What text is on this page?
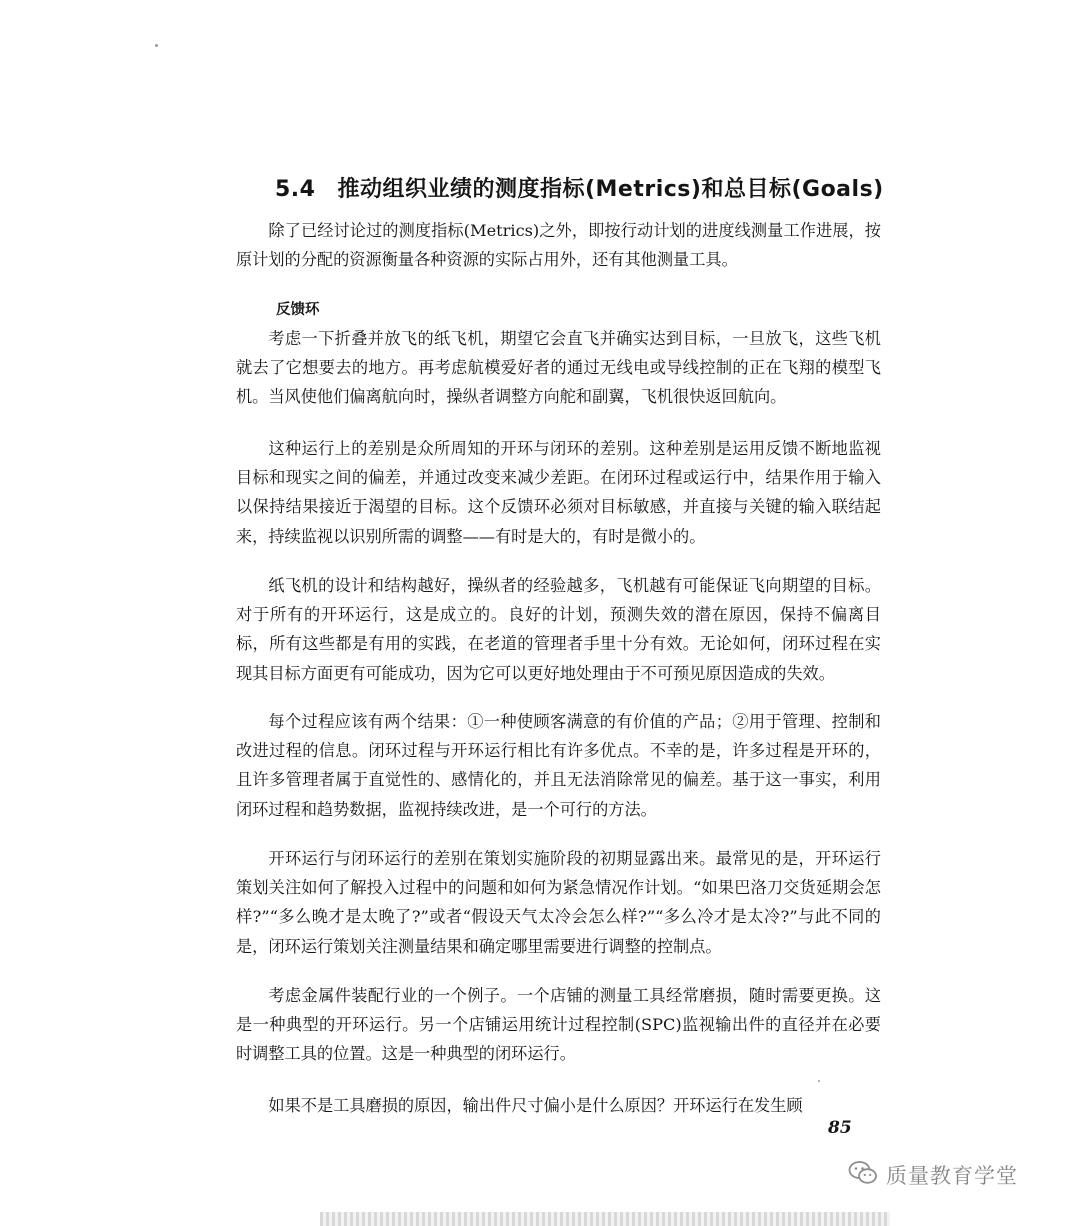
5.4 推动组织业绩的测度指标(Metrics)和总目标(Goals)

除了已经讨论过的测度指标(Metrics)之外，即按行动计划的进度线测量工作进展，按原计划的分配的资源衡量各种资源的实际占用外，还有其他测量工具。

反馈环

考虑一下折叠并放飞的纸飞机，期望它会直飞并确实达到目标，一旦放飞，这些飞机就去了它想要去的地方。再考虑航模爱好者的通过无线电或导线控制的正在飞翔的模型飞机。当风使他们偏离航向时，操纵者调整方向舵和副翼，飞机很快返回航向。

这种运行上的差别是众所周知的开环与闭环的差别。这种差别是运用反馈不断地监视目标和现实之间的偏差，并通过改变来减少差距。在闭环过程或运行中，结果作用于输入以保持结果接近于渴望的目标。这个反馈环必须对目标敏感，并直接与关键的输入联结起来，持续监视以识别所需的调整——有时是大的，有时是微小的。

纸飞机的设计和结构越好，操纵者的经验越多，飞机越有可能保证飞向期望的目标。对于所有的开环运行，这是成立的。良好的计划，预测失效的潜在原因，保持不偏离目标，所有这些都是有用的实践，在老道的管理者手里十分有效。无论如何，闭环过程在实现其目标方面更有可能成功，因为它可以更好地处理由于不可预见原因造成的失效。

每个过程应该有两个结果：①一种使顾客满意的有价值的产品；②用于管理、控制和改进过程的信息。闭环过程与开环运行相比有许多优点。不幸的是，许多过程是开环的，且许多管理者属于直觉性的、感情化的，并且无法消除常见的偏差。基于这一事实，利用闭环过程和趋势数据，监视持续改进，是一个可行的方法。

开环运行与闭环运行的差别在策划实施阶段的初期显露出来。最常见的是，开环运行策划关注如何了解投入过程中的问题和如何为紧急情况作计划。“如果巴洛刀交货延期会怎样?”“多么晚才是太晚了?”或者“假设天气太冷会怎么样?”“多么冷才是太冷?”与此不同的是，闭环运行策划关注测量结果和确定哪里需要进行调整的控制点。

考虑金属件装配行业的一个例子。一个店铺的测量工具经常磨损，随时需要更换。这是一种典型的开环运行。另一个店铺运用统计过程控制(SPC)监视输出件的直径并在必要时调整工具的位置。这是一种典型的闭环运行。

如果不是工具磨损的原因，输出件尺寸偏小是什么原因？开环运行在发生顾

85
质量教育学堂
